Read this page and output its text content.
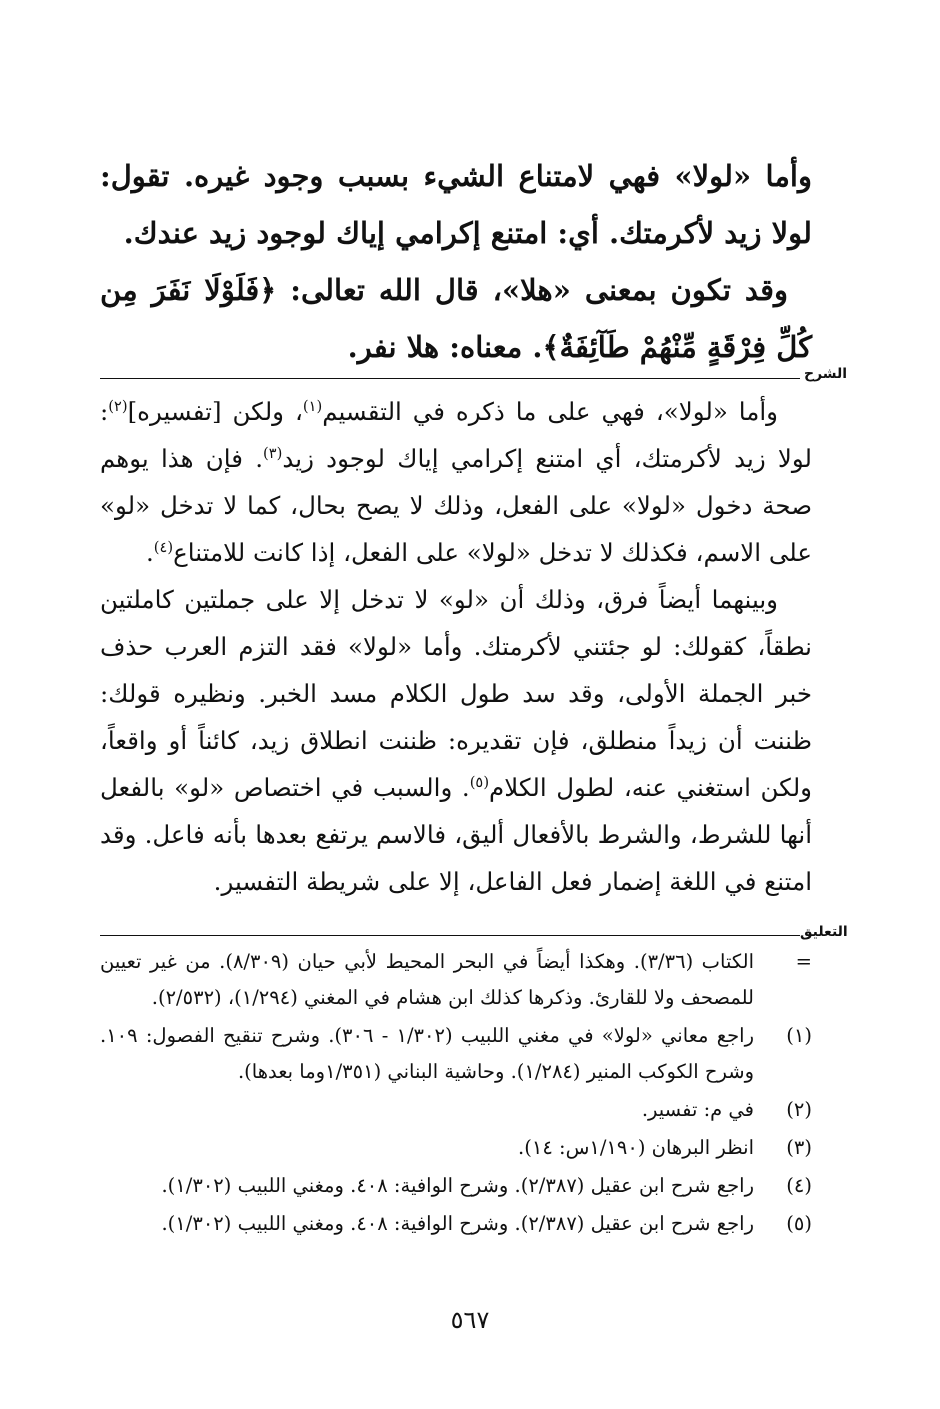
وأما «لولا» فهي لامتناع الشيء بسبب وجود غيره. تقول: لولا زيد لأكرمتك. أي: امتنع إكرامي إياك لوجود زيد عندك.

وقد تكون بمعنى «هلا»، قال الله تعالى: ﴿فَلَوْلَا نَفَرَ مِن كُلِّ فِرْقَةٍ مِّنْهُمْ طَآئِفَةٌ﴾. معناه: هلا نفر.

الشرح

وأما «لولا»، فهي على ما ذكره في التقسيم$^{(١)}$، ولكن [تفسيره]$^{(٢)}$: لولا زيد لأكرمتك، أي امتنع إكرامي إياك لوجود زيد$^{(٣)}$. فإن هذا يوهم صحة دخول «لولا» على الفعل، وذلك لا يصح بحال، كما لا تدخل «لو» على الاسم، فكذلك لا تدخل «لولا» على الفعل، إذا كانت للامتناع$^{(٤)}$.

وبينهما أيضاً فرق، وذلك أن «لو» لا تدخل إلا على جملتين كاملتين نطقاً، كقولك: لو جئتني لأكرمتك. وأما «لولا» فقد التزم العرب حذف خبر الجملة الأولى، وقد سد طول الكلام مسد الخبر. ونظيره قولك: ظننت أن زيداً منطلق، فإن تقديره: ظننت انطلاق زيد، كائناً أو واقعاً، ولكن استغني عنه، لطول الكلام$^{(٥)}$. والسبب في اختصاص «لو» بالفعل أنها للشرط، والشرط بالأفعال أليق، فالاسم يرتفع بعدها بأنه فاعل. وقد امتنع في اللغة إضمار فعل الفاعل، إلا على شريطة التفسير.

التعليق
=
الكتاب (٣/٣٦). وهكذا أيضاً في البحر المحيط لأبي حيان (٨/٣٠٩). من غير تعيين للمصحف ولا للقارئ. وذكرها كذلك ابن هشام في المغني (١/٢٩٤)، (٢/٥٣٢).
(١)
راجع معاني «لولا» في مغني اللبيب (١/٣٠٢ - ٣٠٦). وشرح تنقيح الفصول: ١٠٩. وشرح الكوكب المنير (١/٢٨٤). وحاشية البناني (١/٣٥١وما بعدها).
(٢)
في م: تفسير.
(٣)
انظر البرهان (١/١٩٠س: ١٤).
(٤)
راجع شرح ابن عقيل (٢/٣٨٧). وشرح الوافية: ٤٠٨. ومغني اللبيب (١/٣٠٢).
(٥)
راجع شرح ابن عقيل (٢/٣٨٧). وشرح الوافية: ٤٠٨. ومغني اللبيب (١/٣٠٢).
٥٦٧
